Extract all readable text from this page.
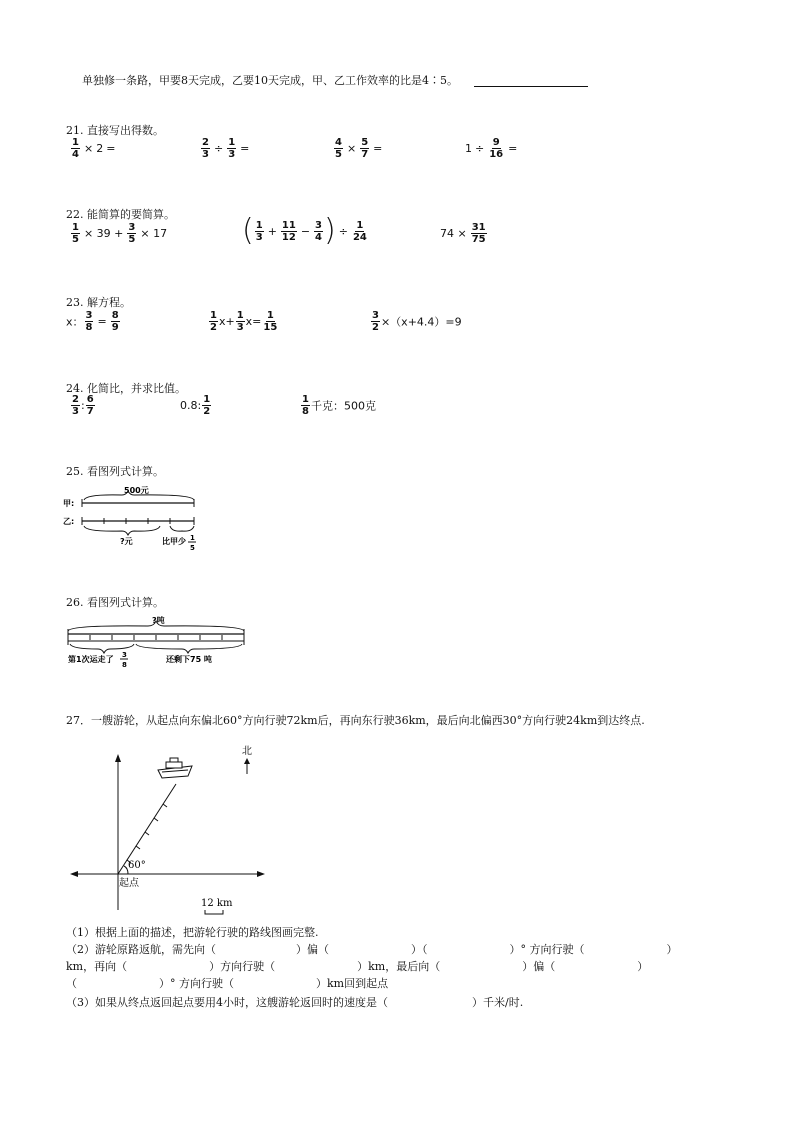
单独修一条路，甲要8天完成，乙要10天完成，甲、乙工作效率的比是4∶5。
21. 直接写出得数。
$\frac{1}{4} \times 2$ =	$\frac{2}{3} \div \frac{1}{3}$ =	$\frac{4}{5} \times \frac{5}{7}$ =	$1 \div \frac{9}{16}$ =
22. 能简算的要简算。
$\frac{1}{5} \times 39 + \frac{3}{5} \times 17$ ( $\frac{1}{3} + \frac{11}{12} - \frac{3}{4}$ ) ÷ $\frac{1}{24}$	$74 \times \frac{31}{75}$
23. 解方程。
x： $\frac{3}{8} = \frac{8}{9}$	$\frac{1}{2} x+ \frac{1}{3} x= \frac{1}{15}$	$\frac{3}{2} \times(x+4.4)=9$
24. 化简比，并求比值。
$\frac{2}{3}$ : $\frac{6}{7}$	0.8: $\frac{1}{2}$	$\frac{1}{8}$ 千克：500克
25. 看图列式计算。
500元
甲:
乙:
?元	比甲少 1
5
26. 看图列式计算。
?吨
第1次运走了 3
8
还剩下75 吨
27．一艘游轮，从起点向东偏北60°方向行驶72km后，再向东行驶36km，最后向北偏西30°方向行驶24km到达终点.
60°
起点
北
12 km
（1）根据上面的描述，把游轮行驶的路线图画完整.
（2）游轮原路返航，需先向（	）偏（	）（	）° 方向行驶（	）
km，再向（	）方向行驶（	）km，最后向（	）偏（	）
（	）° 方向行驶（	）km回到起点
（3）如果从终点返回起点要用4小时，这艘游轮返回时的速度是（	）千米/时.
